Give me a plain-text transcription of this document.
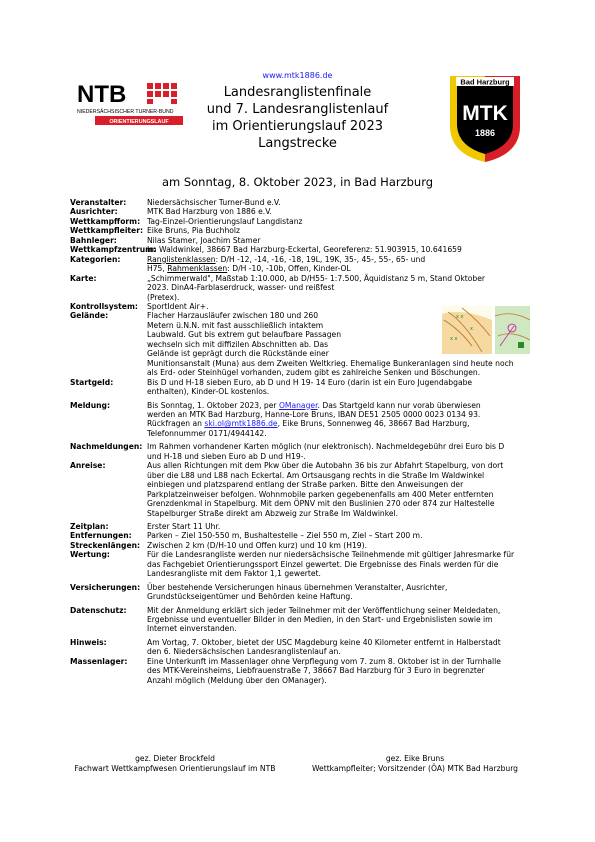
www.mtk1886.de
NTB
NIEDERSÄCHSISCHER TURNER-BUND
ORIENTIERUNGSLAUF
Bad Harzburg
MTK
1886
Landesranglistenfinale
und 7. Landesranglistenlauf
im Orientierungslauf 2023
Langstrecke
am Sonntag, 8. Oktober 2023, in Bad Harzburg
x x
x
x x
Veranstalter:	Niedersächsischer Turner-Bund e.V.
Ausrichter:	MTK Bad Harzburg von 1886 e.V.
Wettkampfform: Tag-Einzel-Orientierungslauf Langdistanz
Wettkampfleiter: Eike Bruns, Pia Buchholz
Bahnleger:	Nilas Stamer, Joachim Stamer
Wettkampfzentrum:
Im Waldwinkel, 38667 Bad Harzburg-Eckertal, Georeferenz: 51.903915, 10.641659
Kategorien:	Ranglistenklassen: D/H -12, -14, -16, -18, 19L, 19K, 35-, 45-, 55-, 65- und
H75, Rahmenklassen: D/H -10, -10b, Offen, Kinder-OL
Karte:	„Schimmerwald", Maßstab 1:10.000, ab D/H55- 1:7.500, Äquidistanz 5 m, Stand Oktober
2023. DinA4-Farblaserdruck, wasser- und reißfest
(Pretex).
Kontrollsystem:	SportIdent Air+.
Gelände:	Flacher Harzausläufer zwischen 180 und 260
Metern ü.N.N. mit fast ausschließlich intaktem
Laubwald. Gut bis extrem gut belaufbare Passagen
wechseln sich mit diffizilen Abschnitten ab. Das
Gelände ist geprägt durch die Rückstände einer
Munitionsanstalt (Muna) aus dem Zweiten Weltkrieg. Ehemalige Bunkeranlagen sind heute noch
als Erd- oder Steinhügel vorhanden, zudem gibt es zahlreiche Senken und Böschungen.
Startgeld:	Bis D und H-18 sieben Euro, ab D und H 19- 14 Euro (darin ist ein Euro Jugendabgabe
enthalten), Kinder-OL kostenlos.
Meldung:	Bis Sonntag, 1. Oktober 2023, per OManager. Das Startgeld kann nur vorab überwiesen
werden an MTK Bad Harzburg, Hanne-Lore Bruns, IBAN DE51 2505 0000 0023 0134 93.
Rückfragen an ski.ol@mtk1886.de, Eike Bruns, Sonnenweg 46, 38667 Bad Harzburg,
Telefonnummer 0171/4944142.
Nachmeldungen: Im Rahmen vorhandener Karten möglich (nur elektronisch). Nachmeldegebühr drei Euro bis D
und H-18 und sieben Euro ab D und H19-.
Anreise:	Aus allen Richtungen mit dem Pkw über die Autobahn 36 bis zur Abfahrt Stapelburg, von dort
über die L88 und L88 nach Eckertal. Am Ortsausgang rechts in die Straße Im Waldwinkel
einbiegen und platzsparend entlang der Straße parken. Bitte den Anweisungen der
Parkplatzeinweiser befolgen. Wohnmobile parken gegebenenfalls am 400 Meter entfernten
Grenzdenkmal in Stapelburg. Mit dem ÖPNV mit den Buslinien 270 oder 874 zur Haltestelle
Stapelburger Straße direkt am Abzweig zur Straße Im Waldwinkel.
Zeitplan:	Erster Start 11 Uhr.
Entfernungen:	Parken – Ziel 150-550 m, Bushaltestelle – Ziel 550 m, Ziel – Start 200 m.
Streckenlängen: Zwischen 2 km (D/H-10 und Offen kurz) und 10 km (H19).
Wertung:	Für die Landesrangliste werden nur niedersächsische Teilnehmende mit gültiger Jahresmarke für
das Fachgebiet Orientierungssport Einzel gewertet. Die Ergebnisse des Finals werden für die
Landesrangliste mit dem Faktor 1,1 gewertet.
Versicherungen: Über bestehende Versicherungen hinaus übernehmen Veranstalter, Ausrichter,
Grundstückseigentümer und Behörden keine Haftung.
Datenschutz:	Mit der Anmeldung erklärt sich jeder Teilnehmer mit der Veröffentlichung seiner Meldedaten,
Ergebnisse und eventueller Bilder in den Medien, in den Start- und Ergebnislisten sowie im
Internet einverstanden.
Hinweis:	Am Vortag, 7. Oktober, bietet der USC Magdeburg keine 40 Kilometer entfernt in Halberstadt
den 6. Niedersächsischen Landesranglistenlauf an.
Massenlager:	Eine Unterkunft im Massenlager ohne Verpflegung vom 7. zum 8. Oktober ist in der Turnhalle
des MTK-Vereinsheims, Liebfrauenstraße 7, 38667 Bad Harzburg für 3 Euro in begrenzter
Anzahl möglich (Meldung über den OManager).
gez. Dieter Brockfeld
Fachwart Wettkampfwesen Orientierungslauf im NTB
gez. Eike Bruns
Wettkampfleiter; Vorsitzender (ÖA) MTK Bad Harzburg
